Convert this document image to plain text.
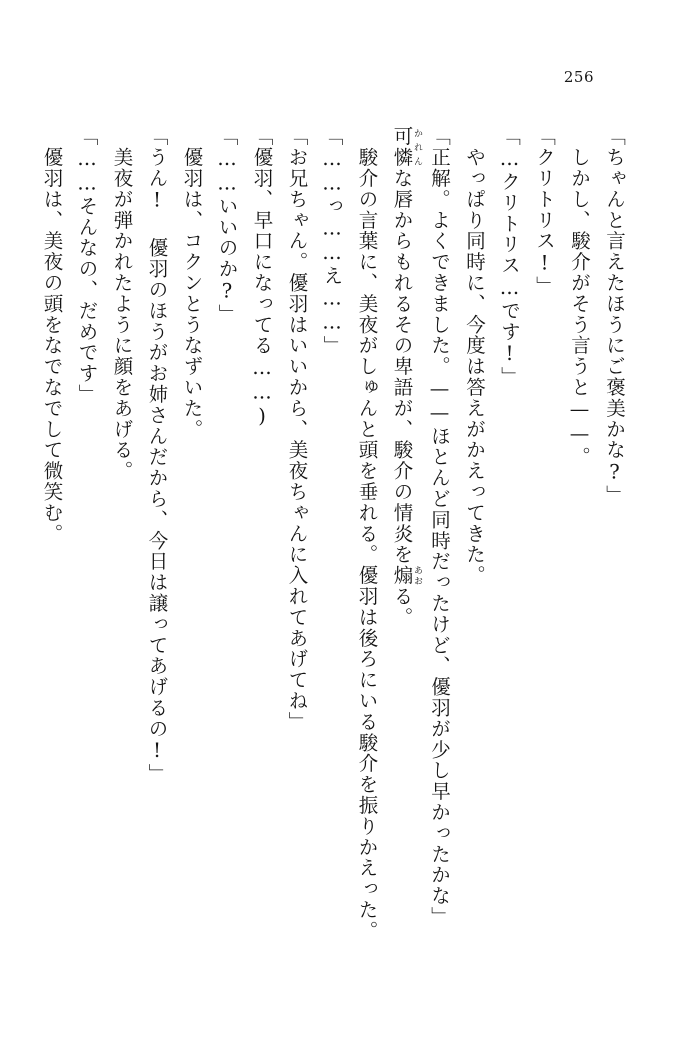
256

「ちゃんと言えたほうにご褒美かな?」

　しかし、駿介がそう言うと——。

「クリトリス!」

「…クリトリス…です!」

　やっぱり同時に、今度は答えがかえってきた。

「正解。よくできました。——ほとんど同時だったけど、優羽が少し早かったかな」

可憐かれんな唇からもれるその卑語が、駿介の情炎を煽あおる。

　駿介の言葉に、美夜がしゅんと頭を垂れる。優羽は後ろにいる駿介を振りかえった。

「……っ……え……」

「お兄ちゃん。優羽はいいから、美夜ちゃんに入れてあげてね」

「優羽、早口になってる……)

「……いいのか?」

　優羽は、コクンとうなずいた。

「うん! 優羽のほうがお姉さんだから、今日は譲ってあげるの!」

　美夜が弾かれたように顔をあげる。

「……そんなの、だめです」

　優羽は、美夜の頭をなでなでして微笑む。
